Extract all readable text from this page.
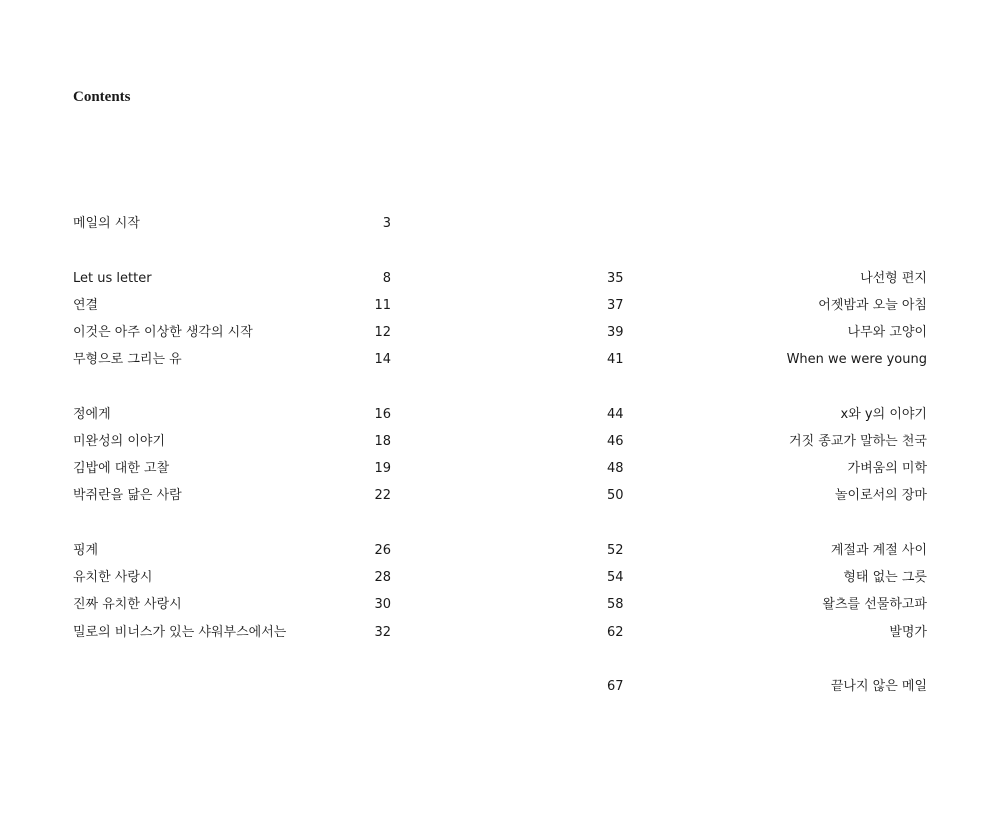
Contents
메일의 시작	3
Let us letter	8
연결	11
이것은 아주 이상한 생각의 시작	12
무형으로 그리는 유	14
정에게	16
미완성의 이야기	18
김밥에 대한 고찰	19
박쥐란을 닮은 사람	22
핑계	26
유치한 사랑시	28
진짜 유치한 사랑시	30
밀로의 비너스가 있는 샤워부스에서는	32
35	나선형 편지
37	어젯밤과 오늘 아침
39	나무와 고양이
41	When we were young
44	x와 y의 이야기
46	거짓 종교가 말하는 천국
48	가벼움의 미학
50	놀이로서의 장마
52	계절과 계절 사이
54	형태 없는 그릇
58	왈츠를 선물하고파
62	발명가
67	끝나지 않은 메일
